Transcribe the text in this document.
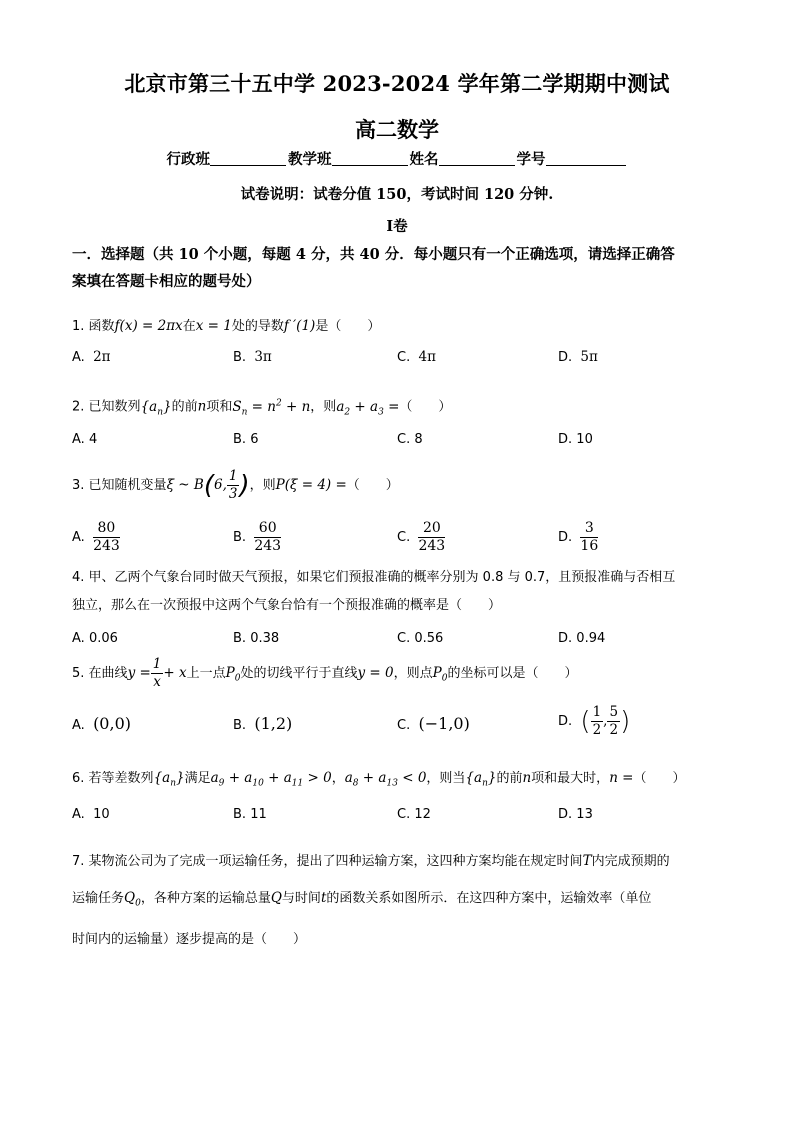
北京市第三十五中学 2023-2024 学年第二学期期中测试
高二数学
行政班	教学班	姓名	学号
试卷说明：试卷分值 150，考试时间 120 分钟.
Ⅰ卷
一．选择题（共 10 个小题，每题 4 分，共 40 分．每小题只有一个正确选项，请选择正确答
案填在答题卡相应的题号处）
1. 函数f(x) = 2πx在x = 1处的导数f ′(1)是（　　）
A. 2π	B. 3π	C. 4π	D. 5π
2. 已知数列$\{a_n\}$的前n项和$S_n = n^2 + n$，则$a_2 + a_3$ =（　　）
A. 4	B. 6	C. 8	D. 10
3. 已知随机变量ξ ~ B(6, $\frac{1}{3}$ )，则P(ξ = 4) =（　　）
A. $\frac{80}{243}$	B. $\frac{60}{243}$	C. $\frac{20}{243}$	D. $\frac{3}{16}$
4. 甲、乙两个气象台同时做天气预报，如果它们预报准确的概率分别为 0.8 与 0.7，且预报准确与否相互
独立，那么在一次预报中这两个气象台恰有一个预报准确的概率是（　　）
A. 0.06	B. 0.38	C. 0.56	D. 0.94
5. 在曲线$y = \frac{1}{x} + x$上一点$P_0$处的切线平行于直线y = 0，则点$P_0$的坐标可以是（　　）
A. (0,0)	B. (1,2)	C. (−1,0)	D. ( $\frac{1}{2}$ , $\frac{5}{2}$ )
6. 若等差数列$\{a_n\}$满足$a_9 + a_{10} + a_{11} > 0$，$a_8 + a_{13} < 0$，则当$\{a_n\}$的前n项和最大时，n =（　　）
A. 10	B. 11	C. 12	D. 13
7. 某物流公司为了完成一项运输任务，提出了四种运输方案，这四种方案均能在规定时间T内完成预期的
运输任务$Q_0$，各种方案的运输总量Q与时间t的函数关系如图所示．在这四种方案中，运输效率（单位
时间内的运输量）逐步提高的是（　　）
